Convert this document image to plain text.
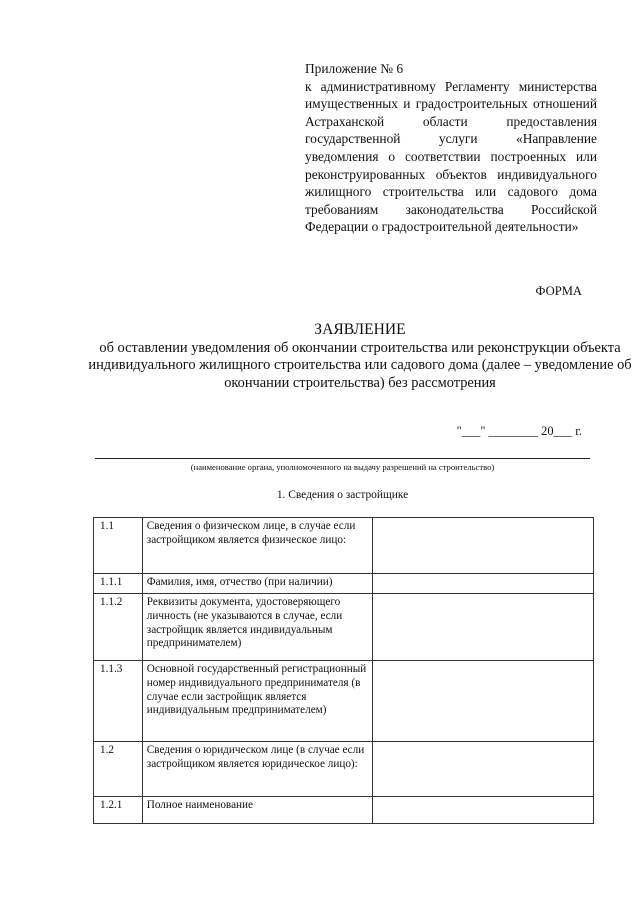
Приложение № 6
к административному Регламенту министерства имущественных и градостроительных отношений Астраханской области предоставления государственной услуги «Направление уведомления о соответствии построенных или реконструированных объектов индивидуального жилищного строительства или садового дома требованиям законодательства Российской Федерации о градостроительной деятельности»
ФОРМА
ЗАЯВЛЕНИЕ
об оставлении уведомления об окончании строительства или реконструкции объекта индивидуального жилищного строительства или садового дома (далее – уведомление об окончании строительства) без рассмотрения
"___" ________ 20___ г.
(наименование органа, уполномоченного на выдачу разрешений на строительство)
1. Сведения о застройщике
1.1	Сведения о физическом лице, в случае если застройщиком является физическое лицо:	
1.1.1	Фамилия, имя, отчество (при наличии)	
1.1.2	Реквизиты документа, удостоверяющего личность (не указываются в случае, если застройщик является индивидуальным предпринимателем)	
1.1.3	Основной государственный регистрационный номер индивидуального предпринимателя (в случае если застройщик является индивидуальным предпринимателем)	
1.2	Сведения о юридическом лице (в случае если застройщиком является юридическое лицо):	
1.2.1	Полное наименование	
